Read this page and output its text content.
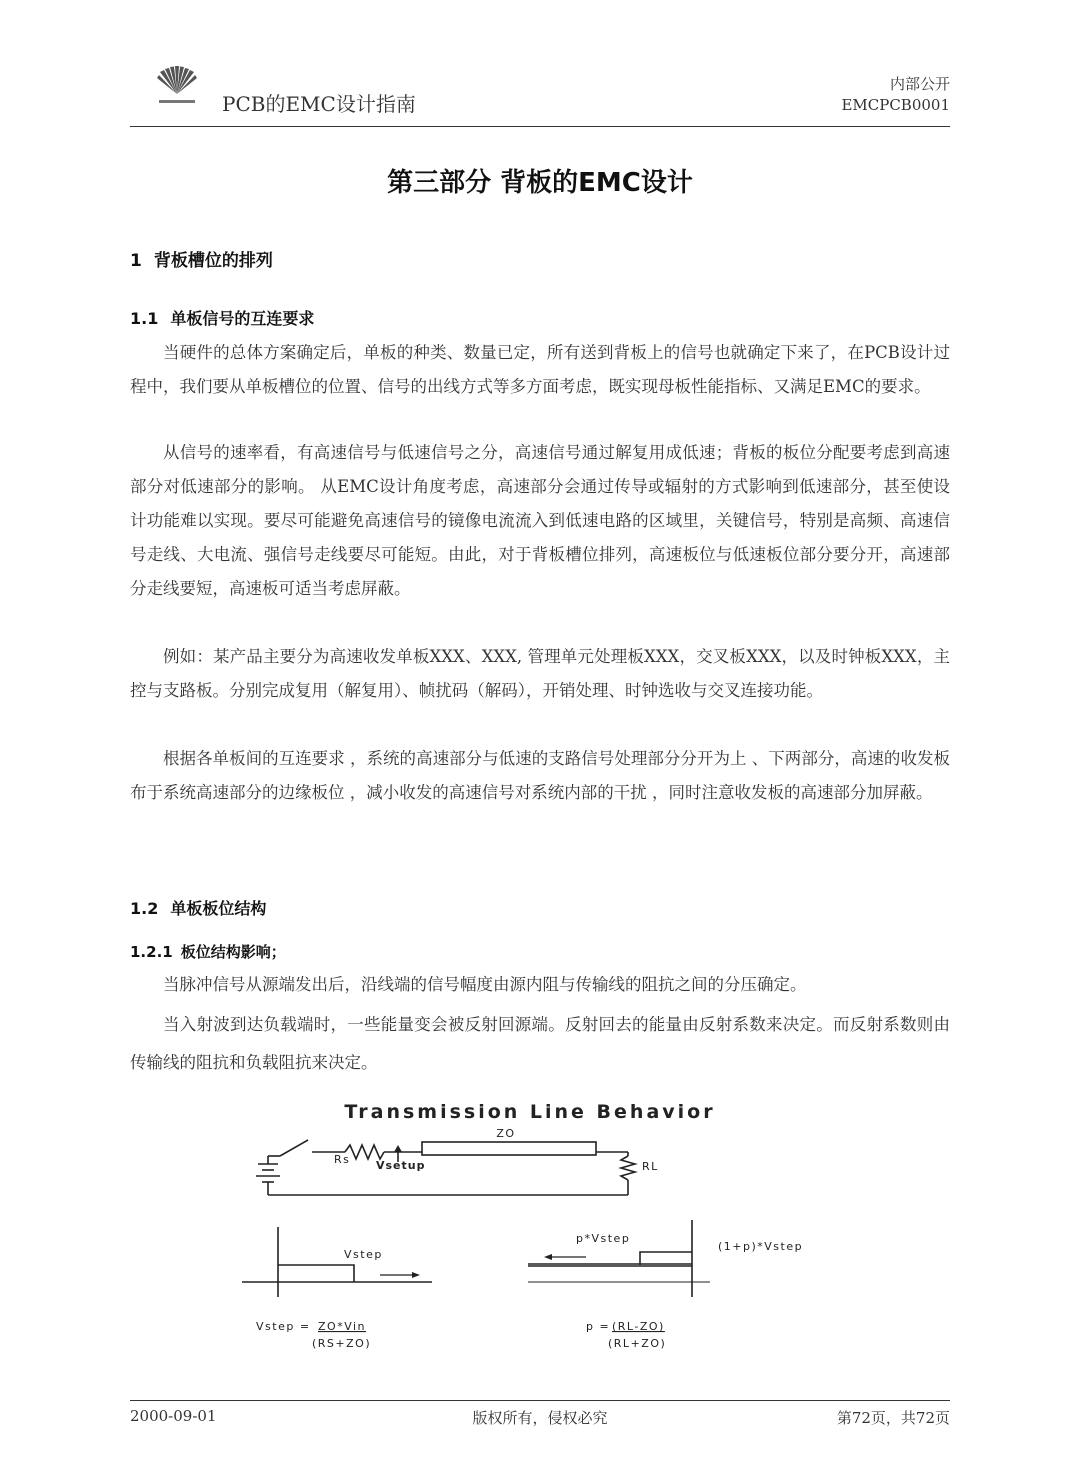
PCB的EMC设计指南
内部公开
EMCPCB0001
第三部分 背板的EMC设计
1 背板槽位的排列
1.1 单板信号的互连要求

当硬件的总体方案确定后，单板的种类、数量已定，所有送到背板上的信号也就确定下来了，在PCB设计过程中，我们要从单板槽位的位置、信号的出线方式等多方面考虑，既实现母板性能指标、又满足EMC的要求。

从信号的速率看，有高速信号与低速信号之分，高速信号通过解复用成低速；背板的板位分配要考虑到高速部分对低速部分的影响。 从EMC设计角度考虑，高速部分会通过传导或辐射的方式影响到低速部分，甚至使设计功能难以实现。要尽可能避免高速信号的镜像电流流入到低速电路的区域里，关键信号，特别是高频、高速信号走线、大电流、强信号走线要尽可能短。由此，对于背板槽位排列，高速板位与低速板位部分要分开，高速部分走线要短，高速板可适当考虑屏蔽。

例如：某产品主要分为高速收发单板XXX、XXX, 管理单元处理板XXX，交叉板XXX，以及时钟板XXX，主控与支路板。分别完成复用（解复用）、帧扰码（解码），开销处理、时钟选收与交叉连接功能。

根据各单板间的互连要求 ，系统的高速部分与低速的支路信号处理部分分开为上 、下两部分，高速的收发板布于系统高速部分的边缘板位 ，减小收发的高速信号对系统内部的干扰 ，同时注意收发板的高速部分加屏蔽。

1.2 单板板位结构
1.2.1 板位结构影响；

当脉冲信号从源端发出后，沿线端的信号幅度由源内阻与传输线的阻抗之间的分压确定。

当入射波到达负载端时，一些能量变会被反射回源端。反射回去的能量由反射系数来决定。而反射系数则由 传输线的阻抗和负载阻抗来决定。

Transmission Line Behavior
ZO
Rs Vsetup	RL
Vstep
p*Vstep
(1+p)*Vstep
Vstep = ZO*Vin
(RS+ZO)
p = (RL-ZO)
(RL+ZO)
2000-09-01	版权所有，侵权必究	第72页，共72页
